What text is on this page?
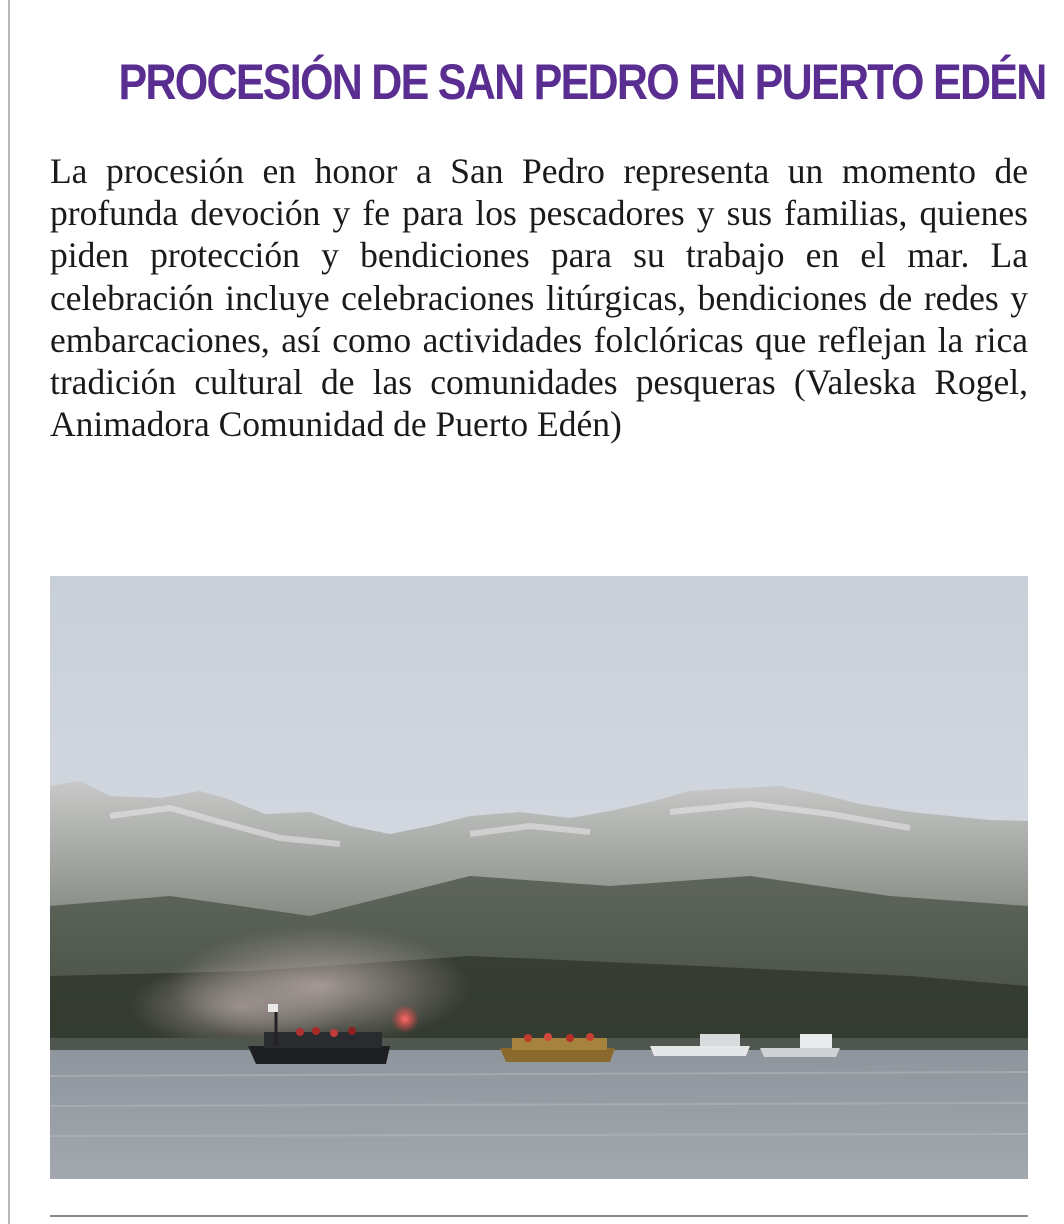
PROCESIÓN DE SAN PEDRO EN PUERTO EDÉN

La procesión en honor a San Pedro representa un momento de profunda devoción y fe para los pescadores y sus familias, quienes piden protección y bendiciones para su trabajo en el mar. La celebración incluye celebraciones litúrgicas, bendiciones de redes y embarcaciones, así como actividades folclóricas que reflejan la rica tradición cultural de las comunidades pesqueras (Valeska Rogel, Animadora Comunidad de Puerto Edén)
